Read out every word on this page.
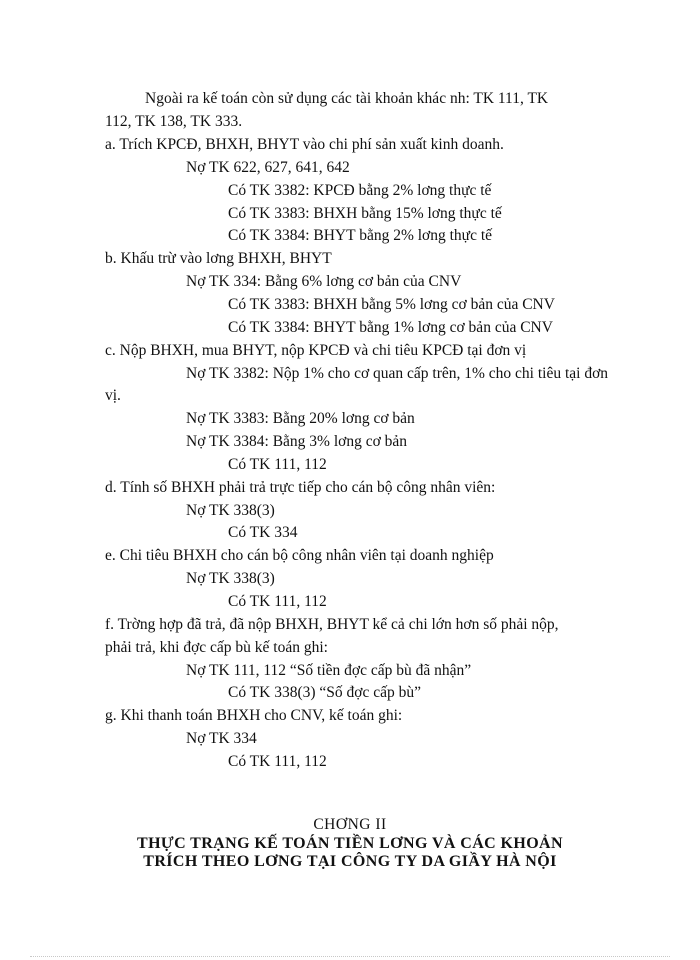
Ngoài ra kế toán còn sử dụng các tài khoản khác nh: TK 111, TK
112, TK 138, TK 333.
a. Trích KPCĐ, BHXH, BHYT vào chi phí sản xuất kinh doanh.
Nợ TK 622, 627, 641, 642
Có TK 3382: KPCĐ bằng 2% lơng thực tế
Có TK 3383: BHXH bằng 15% lơng thực tế
Có TK 3384: BHYT bằng 2% lơng thực tế
b. Khấu trừ vào lơng BHXH, BHYT
Nợ TK 334: Bằng 6% lơng cơ bản của CNV
Có TK 3383: BHXH bằng 5% lơng cơ bản của CNV
Có TK 3384: BHYT bằng 1% lơng cơ bản của CNV
c. Nộp BHXH, mua BHYT, nộp KPCĐ và chi tiêu KPCĐ tại đơn vị
Nợ TK 3382: Nộp 1% cho cơ quan cấp trên, 1% cho chi tiêu tại đơn
vị.
Nợ TK 3383: Bằng 20% lơng cơ bản
Nợ TK 3384: Bằng 3% lơng cơ bản
Có TK 111, 112
d. Tính số BHXH phải trả trực tiếp cho cán bộ công nhân viên:
Nợ TK 338(3)
Có TK 334
e. Chi tiêu BHXH cho cán bộ công nhân viên tại doanh nghiệp
Nợ TK 338(3)
Có TK 111, 112
f. Trờng hợp đã trả, đã nộp BHXH, BHYT kể cả chi lớn hơn số phải nộp,
phải trả, khi đợc cấp bù kế toán ghi:
Nợ TK 111, 112 “Số tiền đợc cấp bù đã nhận”
Có TK 338(3) “Số đợc cấp bù”
g. Khi thanh toán BHXH cho CNV, kế toán ghi:
Nợ TK 334
Có TK 111, 112
CHƠNG II
THỰC TRẠNG KẾ TOÁN TIỀN LƠNG VÀ CÁC KHOẢN
TRÍCH THEO LƠNG TẠI CÔNG TY DA GIẦY HÀ NỘI
